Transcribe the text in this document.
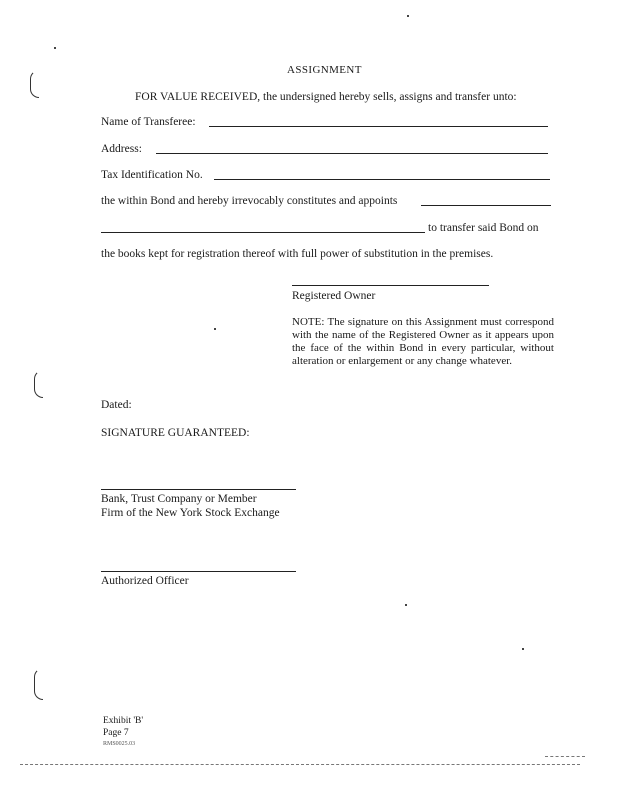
ASSIGNMENT
FOR VALUE RECEIVED, the undersigned hereby sells, assigns and transfer unto:
Name of Transferee:
Address:
Tax Identification No.
the within Bond and hereby irrevocably constitutes and appoints
to transfer said Bond on
the books kept for registration thereof with full power of substitution in the premises.
Registered Owner
NOTE: The signature on this Assignment must correspond with the name of the Registered Owner as it appears upon the face of the within Bond in every particular, without alteration or enlargement or any change whatever.
Dated:
SIGNATURE GUARANTEED:
Bank, Trust Company or Member
Firm of the New York Stock Exchange
Authorized Officer
Exhibit 'B'
Page 7
RMS0025.03
